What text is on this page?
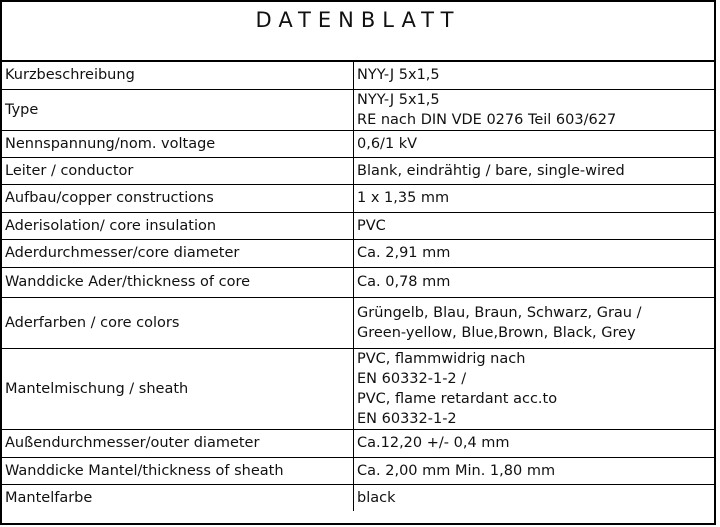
DATENBLATT
Kurzbeschreibung	NYY-J 5x1,5

Type	NYY-J 5x1,5
RE nach DIN VDE 0276 Teil 603/627

Nennspannung/nom. voltage	0,6/1 kV

Leiter / conductor	Blank, eindrähtig / bare, single-wired

Aufbau/copper constructions	1 x 1,35 mm

Aderisolation/ core insulation	PVC

Aderdurchmesser/core diameter	Ca. 2,91 mm

Wanddicke Ader/thickness of core	Ca. 0,78 mm

Aderfarben / core colors	Grüngelb, Blau, Braun, Schwarz, Grau /
Green-yellow, Blue,Brown, Black, Grey

Mantelmischung / sheath	PVC, flammwidrig nach
EN 60332-1-2 /
PVC, flame retardant acc.to
EN 60332-1-2

Außendurchmesser/outer diameter	Ca.12,20 +/- 0,4 mm

Wanddicke Mantel/thickness of sheath	Ca. 2,00 mm Min. 1,80 mm

Mantelfarbe	black
